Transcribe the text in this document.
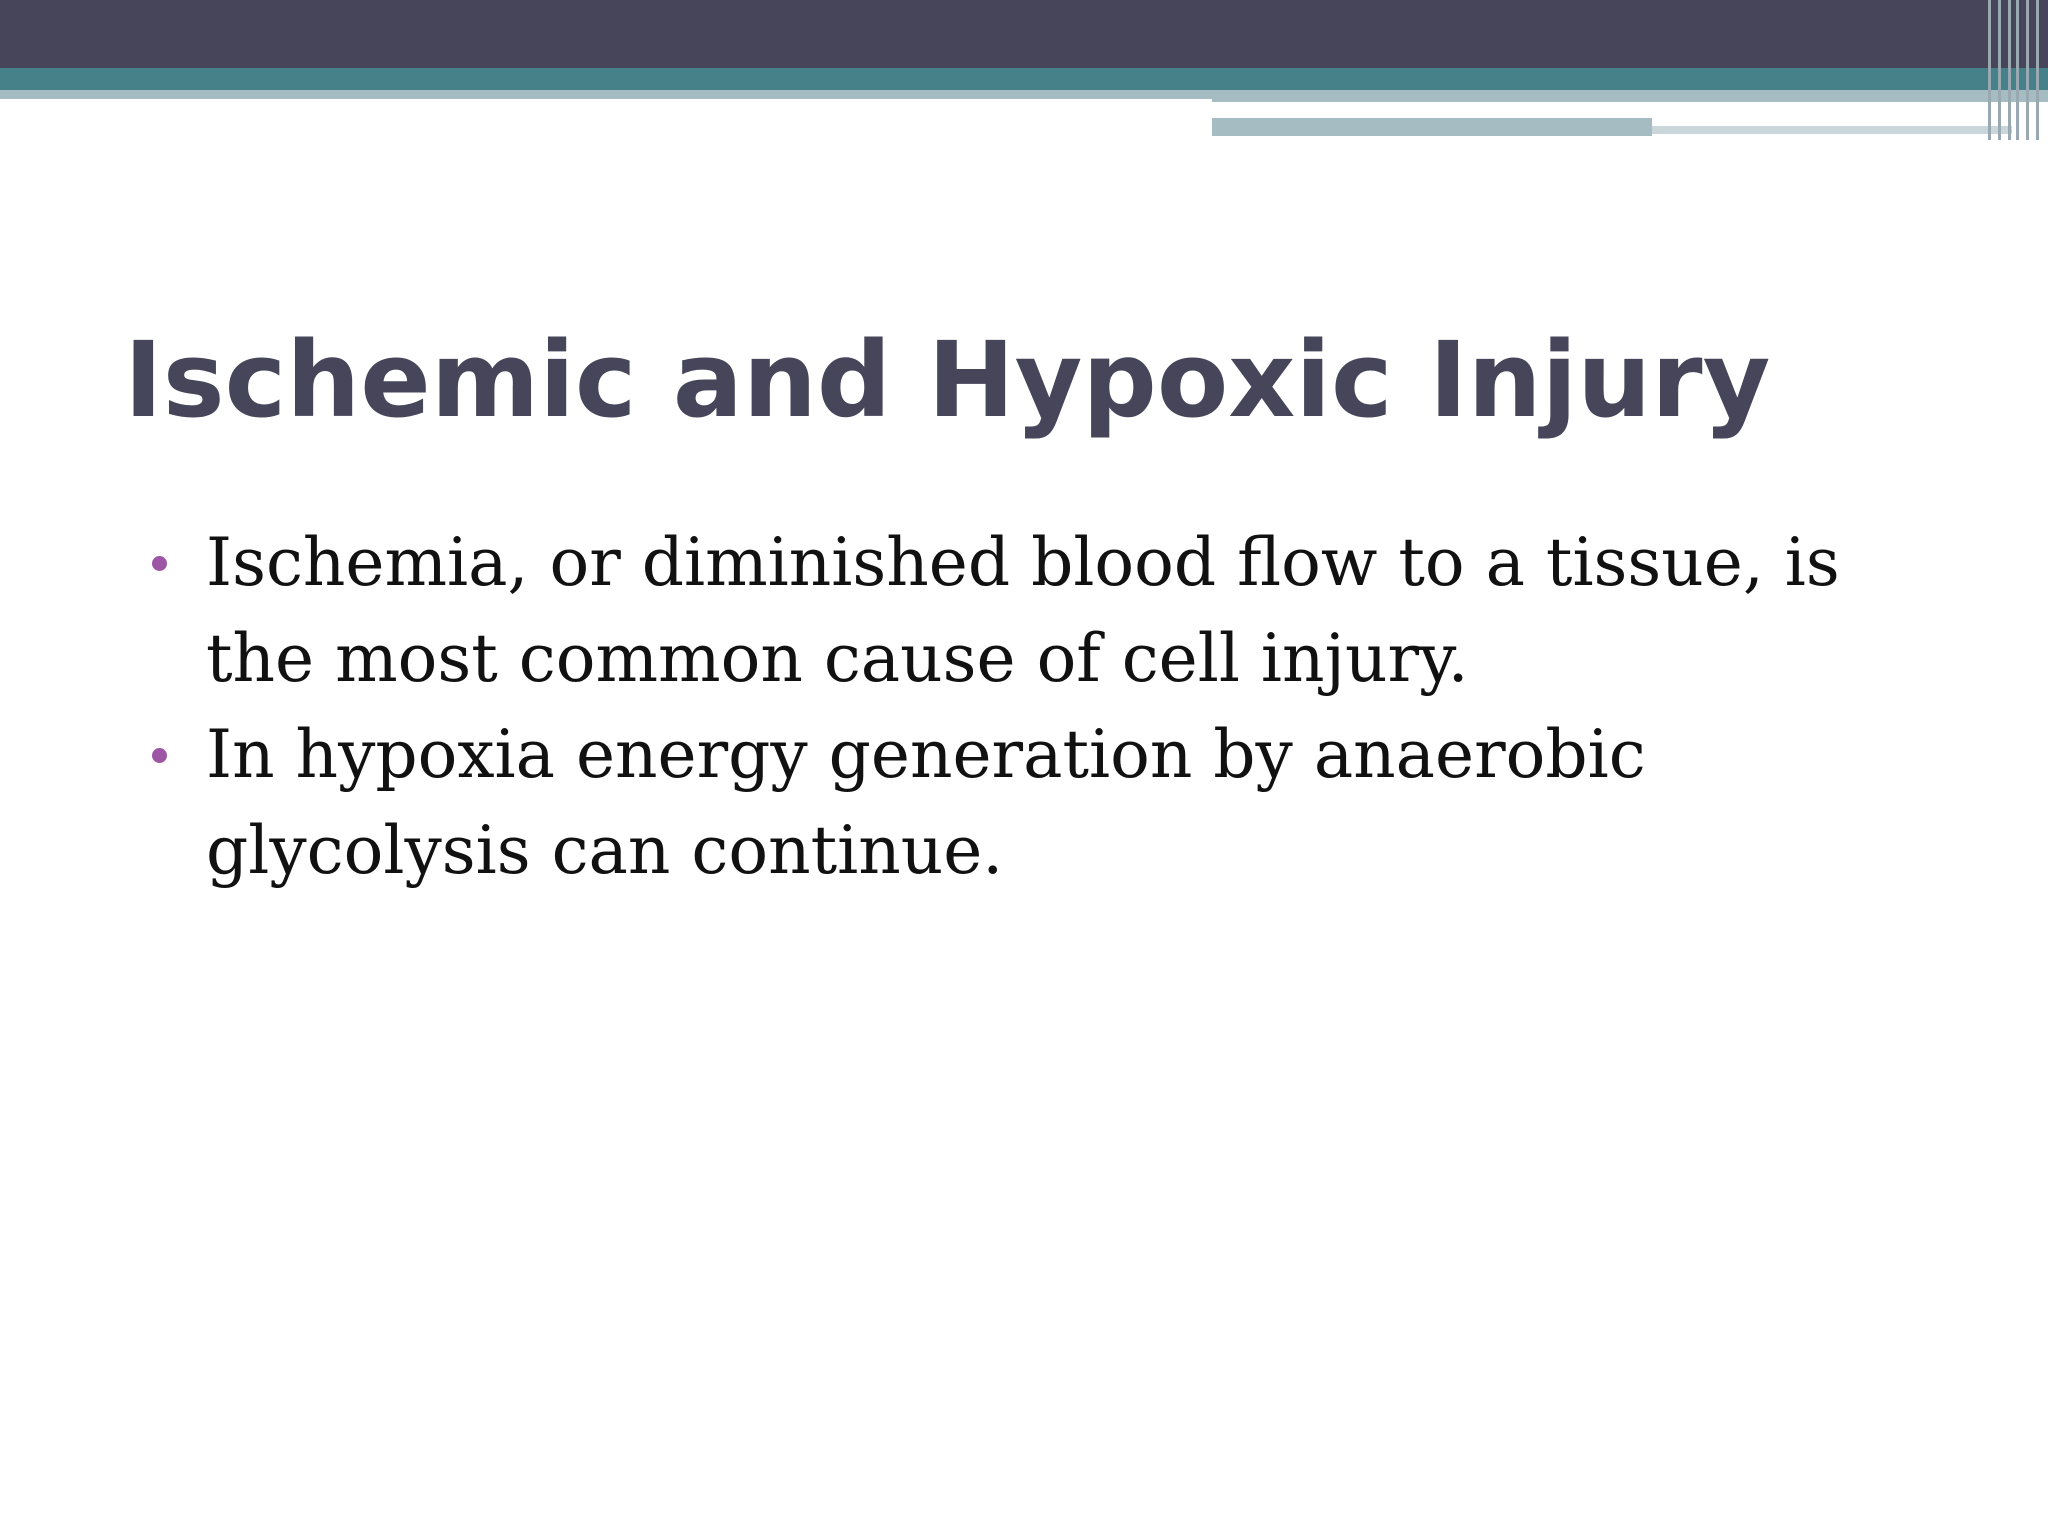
Ischemic and Hypoxic Injury
Ischemia, or diminished blood flow to a tissue, is the most common cause of cell injury.
In hypoxia energy generation by anaerobic glycolysis can continue.
